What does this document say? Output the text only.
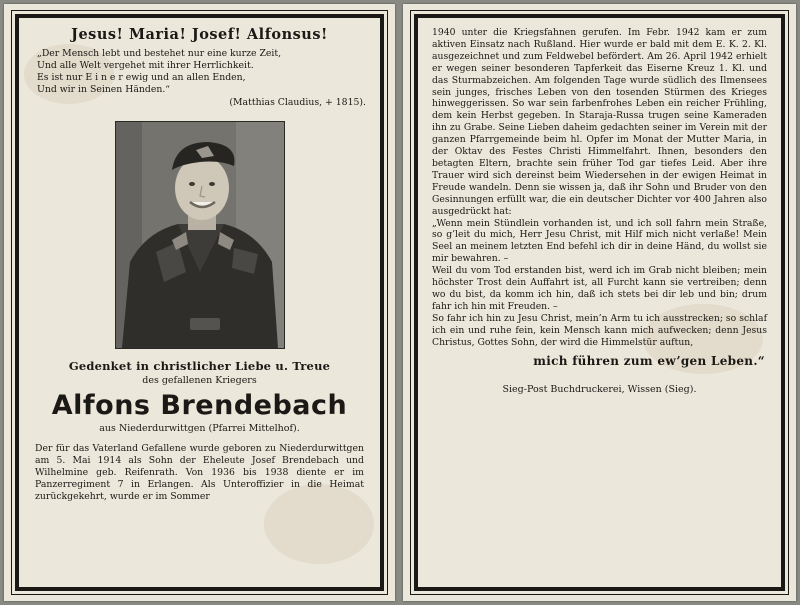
Jesus! Maria! Josef! Alfonsus!
„Der Mensch lebt und bestehet nur eine kurze Zeit,
Und alle Welt vergehet mit ihrer Herrlichkeit.
Es ist nur E i n e r ewig und an allen Enden,
Und wir in Seinen Händen.“
(Matthias Claudius, + 1815).
Gedenket in christlicher Liebe u. Treue
des gefallenen Kriegers
Alfons Brendebach
aus Niederdurwittgen (Pfarrei Mittelhof).
Der für das Vaterland Gefallene wurde geboren zu Niederdurwittgen am 5. Mai 1914 als Sohn der Eheleute Josef Brendebach und Wilhelmine geb. Reifenrath. Von 1936 bis 1938 diente er im Panzerregiment 7 in Erlangen. Als Unteroffizier in die Heimat zurückgekehrt, wurde er im Sommer

1940 unter die Kriegsfahnen gerufen. Im Febr. 1942 kam er zum aktiven Einsatz nach Rußland. Hier wurde er bald mit dem E. K. 2. Kl. ausgezeichnet und zum Feldwebel befördert. Am 26. April 1942 erhielt er wegen seiner besonderen Tapferkeit das Eiserne Kreuz 1. Kl. und das Sturmabzeichen. Am folgenden Tage wurde südlich des Ilmensees sein junges, frisches Leben von den tosenden Stürmen des Krieges hinweggerissen. So war sein farbenfrohes Leben ein reicher Frühling, dem kein Herbst gegeben. In Staraja-Russa trugen seine Kameraden ihn zu Grabe. Seine Lieben daheim gedachten seiner im Verein mit der ganzen Pfarrgemeinde beim hl. Opfer im Monat der Mutter Maria, in der Oktav des Festes Christi Himmelfahrt. Ihnen, besonders den betagten Eltern, brachte sein früher Tod gar tiefes Leid. Aber ihre Trauer wird sich dereinst beim Wiedersehen in der ewigen Heimat in Freude wandeln. Denn sie wissen ja, daß ihr Sohn und Bruder von den Gesinnungen erfüllt war, die ein deutscher Dichter vor 400 Jahren also ausgedrückt hat:

„Wenn mein Stündlein vorhanden ist, und ich soll fahrn mein Straße, so g’leit du mich, Herr Jesu Christ, mit Hilf mich nicht verlaße! Mein Seel an meinem letzten End befehl ich dir in deine Händ, du wollst sie mir bewahren. –

Weil du vom Tod erstanden bist, werd ich im Grab nicht bleiben; mein höchster Trost dein Auffahrt ist, all Furcht kann sie vertreiben; denn wo du bist, da komm ich hin, daß ich stets bei dir leb und bin; drum fahr ich hin mit Freuden. –

So fahr ich hin zu Jesu Christ, mein’n Arm tu ich ausstrecken; so schlaf ich ein und ruhe fein, kein Mensch kann mich aufwecken; denn Jesus Christus, Gottes Sohn, der wird die Himmelstür auftun,

mich führen zum ew’gen Leben.“
Sieg-Post Buchdruckerei, Wissen (Sieg).
